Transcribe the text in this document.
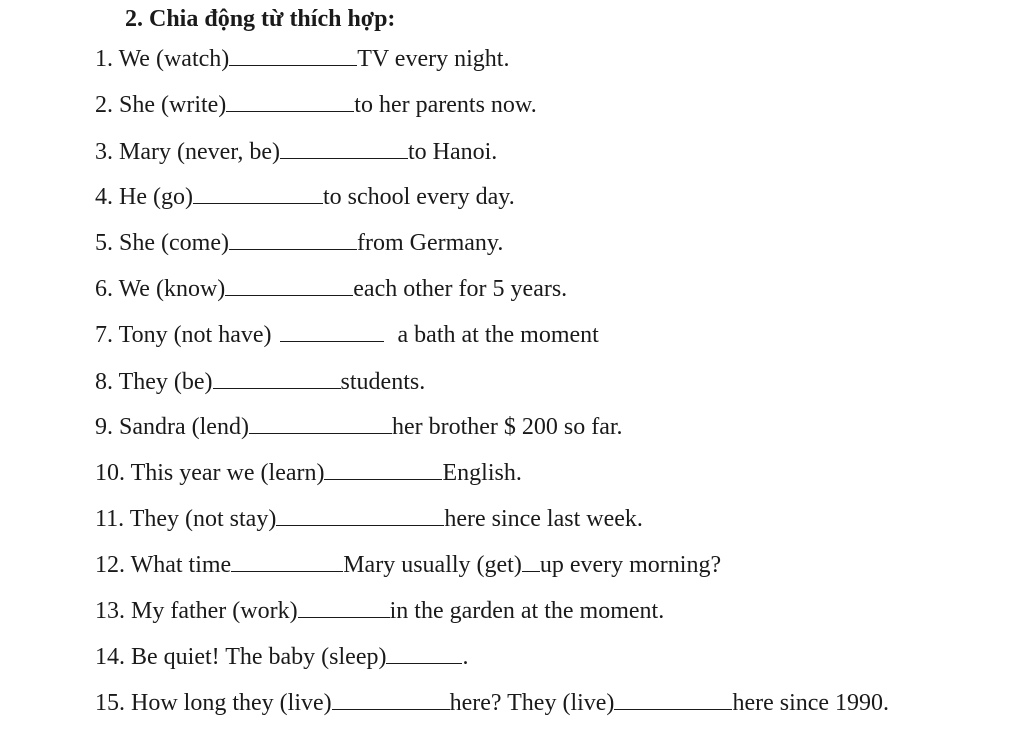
2. Chia động từ thích hợp:
1. We (watch)	TV every night.
2. She (write)	to her parents now.
3. Mary (never, be)	to Hanoi.
4. He (go)	to school every day.
5. She (come)	from Germany.
6. We (know)	each other for 5 years.
7. Tony (not have)	a bath at the moment
8. They (be)	students.
9. Sandra (lend)	her brother $ 200 so far.
10. This year we (learn)	English.
11. They (not stay)	here since last week.
12. What time	Mary usually (get) up every morning?
13. My father (work)	in the garden at the moment.
14. Be quiet! The baby (sleep)	.
15. How long they (live)	here? They (live)	here since 1990.
